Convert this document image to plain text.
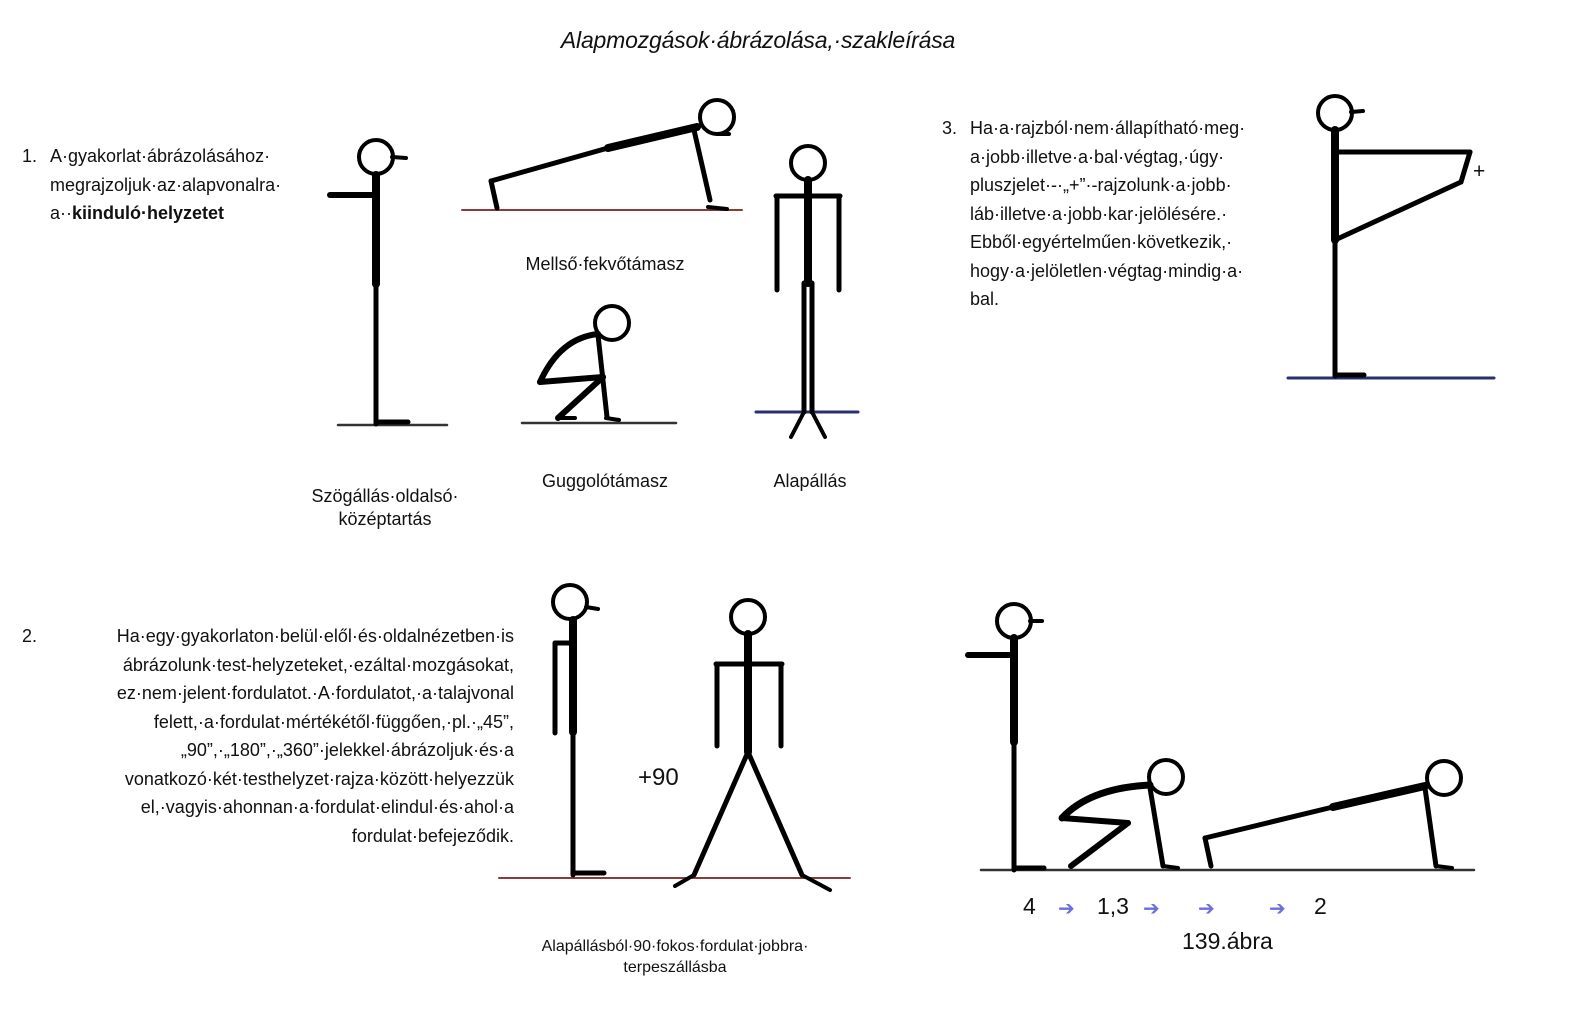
Alapmozgások·ábrázolása,·szakleírása
1. A·gyakorlat·ábrázolásához·
megrajzoljuk·az·alapvonalra·
a··kiinduló·helyzetet
2.	Ha·egy·gyakorlaton·belül·elől·és·oldalnézetben·is
ábrázolunk·test-helyzeteket,·ezáltal·mozgásokat,
ez·nem·jelent·fordulatot.·A·fordulatot,·a·talajvonal
felett,·a·fordulat·mértékétől·függően,·pl.·„45”,
„90”,·„180”,·„360”·jelekkel·ábrázoljuk·és·a
vonatkozó·két·testhelyzet·rajza·között·helyezzük
el,·vagyis·ahonnan·a·fordulat·elindul·és·ahol·a
fordulat·befejeződik.
3. Ha·a·rajzból·nem·állapítható·meg·
a·jobb·illetve·a·bal·végtag,·úgy·
pluszjelet·-·„+”·-rajzolunk·a·jobb·
láb·illetve·a·jobb·kar·jelölésére.·
Ebből·egyértelműen·következik,·
hogy·a·jelöletlen·végtag·mindig·a·
bal.
Szögállás·oldalsó·
középtartás
Mellső·fekvőtámasz
Guggolótámasz	Alapállás
Alapállásból·90·fokos·fordulat·jobbra·
terpeszállásba
+90
+
4 ➔ 1,3 ➔ ➔	➔ 2
139.ábra
